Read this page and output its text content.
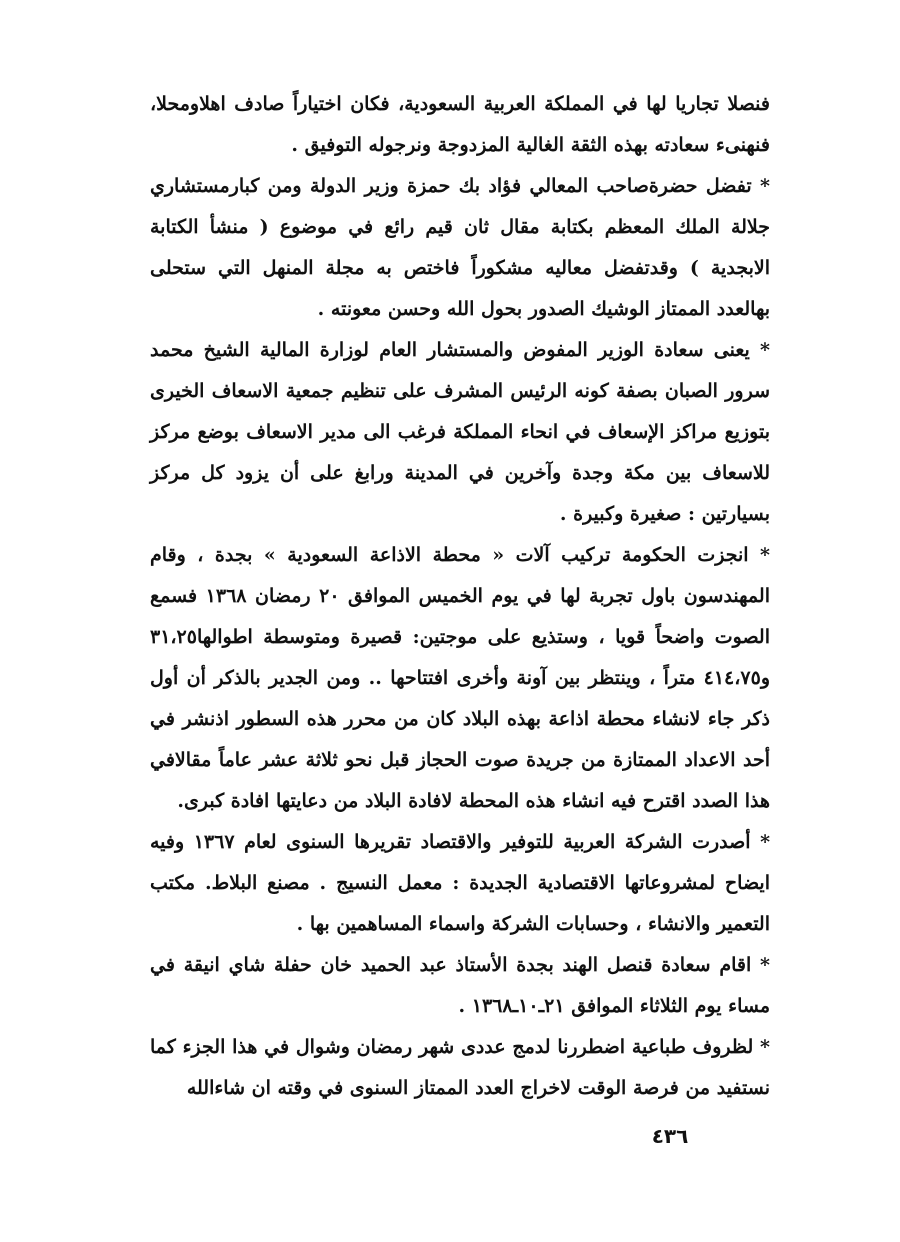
فنصلا تجاريا لها في المملكة العربية السعودية، فكان اختياراً صادف اهلاومحلا، فنهنىء سعادته بهذه الثقة الغالية المزدوجة ونرجوله التوفيق .

* تفضل حضرةصاحب المعالي فؤاد بك حمزة وزير الدولة ومن كبارمستشاري جلالة الملك المعظم بكتابة مقال ثان قيم رائع في موضوع ( منشأ الكتابة الابجدية ) وقدتفضل معاليه مشكوراً فاختص به مجلة المنهل التي ستحلى بهالعدد الممتاز الوشيك الصدور بحول الله وحسن معونته .

* يعنى سعادة الوزير المفوض والمستشار العام لوزارة المالية الشيخ محمد سرور الصبان بصفة كونه الرئيس المشرف على تنظيم جمعية الاسعاف الخيرى بتوزيع مراكز الإسعاف في انحاء المملكة فرغب الى مدير الاسعاف بوضع مركز للاسعاف بين مكة وجدة وآخرين في المدينة ورابغ على أن يزود كل مركز بسيارتين : صغيرة وكبيرة .

* انجزت الحكومة تركيب آلات « محطة الاذاعة السعودية » بجدة ، وقام المهندسون باول تجربة لها في يوم الخميس الموافق ٢٠ رمضان ١٣٦٨ فسمع الصوت واضحاً قويا ، وستذيع على موجتين: قصيرة ومتوسطة اطوالها٣١،٢٥ و٤١٤،٧٥ متراً ، وينتظر بين آونة وأخرى افتتاحها .. ومن الجدير بالذكر أن أول ذكر جاء لانشاء محطة اذاعة بهذه البلاد كان من محرر هذه السطور اذنشر في أحد الاعداد الممتازة من جريدة صوت الحجاز قبل نحو ثلاثة عشر عاماً مقالافي هذا الصدد اقترح فيه انشاء هذه المحطة لافادة البلاد من دعايتها افادة كبرى.

* أصدرت الشركة العربية للتوفير والاقتصاد تقريرها السنوى لعام ١٣٦٧ وفيه ايضاح لمشروعاتها الاقتصادية الجديدة : معمل النسيج . مصنع البلاط. مكتب التعمير والانشاء ، وحسابات الشركة واسماء المساهمين بها .

* اقام سعادة قنصل الهند بجدة الأستاذ عبد الحميد خان حفلة شاي انيقة في مساء يوم الثلاثاء الموافق ٢١ـ١٠ـ١٣٦٨ .

* لظروف طباعية اضطررنا لدمج عددى شهر رمضان وشوال في هذا الجزء كما نستفيد من فرصة الوقت لاخراج العدد الممتاز السنوى في وقته ان شاءالله

٤٣٦
